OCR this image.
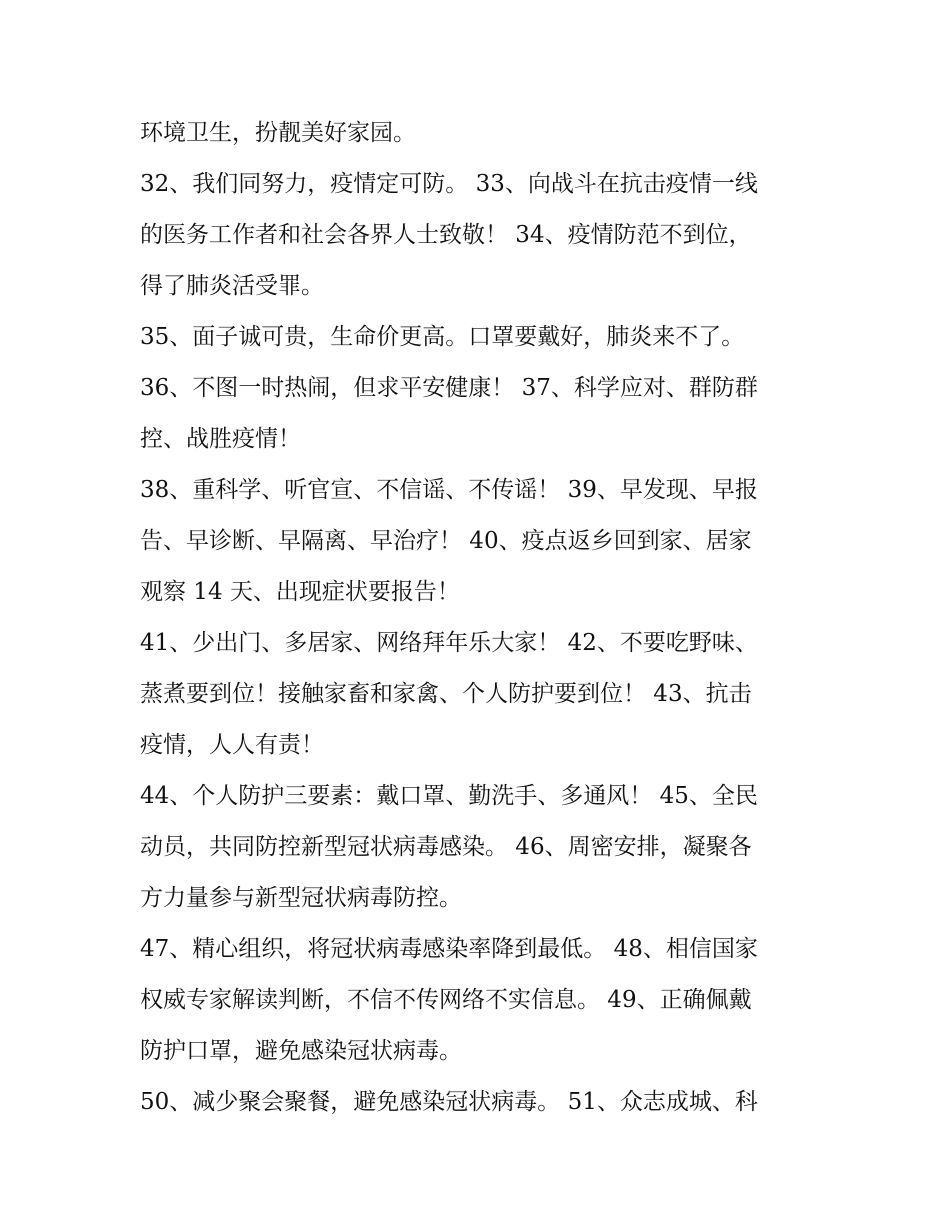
环境卫生，扮靓美好家园。
32、我们同努力，疫情定可防。 33、向战斗在抗击疫情一线
的医务工作者和社会各界人士致敬！ 34、疫情防范不到位，
得了肺炎活受罪。
35、面子诚可贵，生命价更高。口罩要戴好，肺炎来不了。
36、不图一时热闹，但求平安健康！ 37、科学应对、群防群
控、战胜疫情！
38、重科学、听官宣、不信谣、不传谣！ 39、早发现、早报
告、早诊断、早隔离、早治疗！ 40、疫点返乡回到家、居家
观察 14 天、出现症状要报告！
41、少出门、多居家、网络拜年乐大家！ 42、不要吃野味、
蒸煮要到位！接触家畜和家禽、个人防护要到位！ 43、抗击
疫情，人人有责！
44、个人防护三要素：戴口罩、勤洗手、多通风！ 45、全民
动员，共同防控新型冠状病毒感染。 46、周密安排，凝聚各
方力量参与新型冠状病毒防控。
47、精心组织，将冠状病毒感染率降到最低。 48、相信国家
权威专家解读判断，不信不传网络不实信息。 49、正确佩戴
防护口罩，避免感染冠状病毒。
50、减少聚会聚餐，避免感染冠状病毒。 51、众志成城、科
